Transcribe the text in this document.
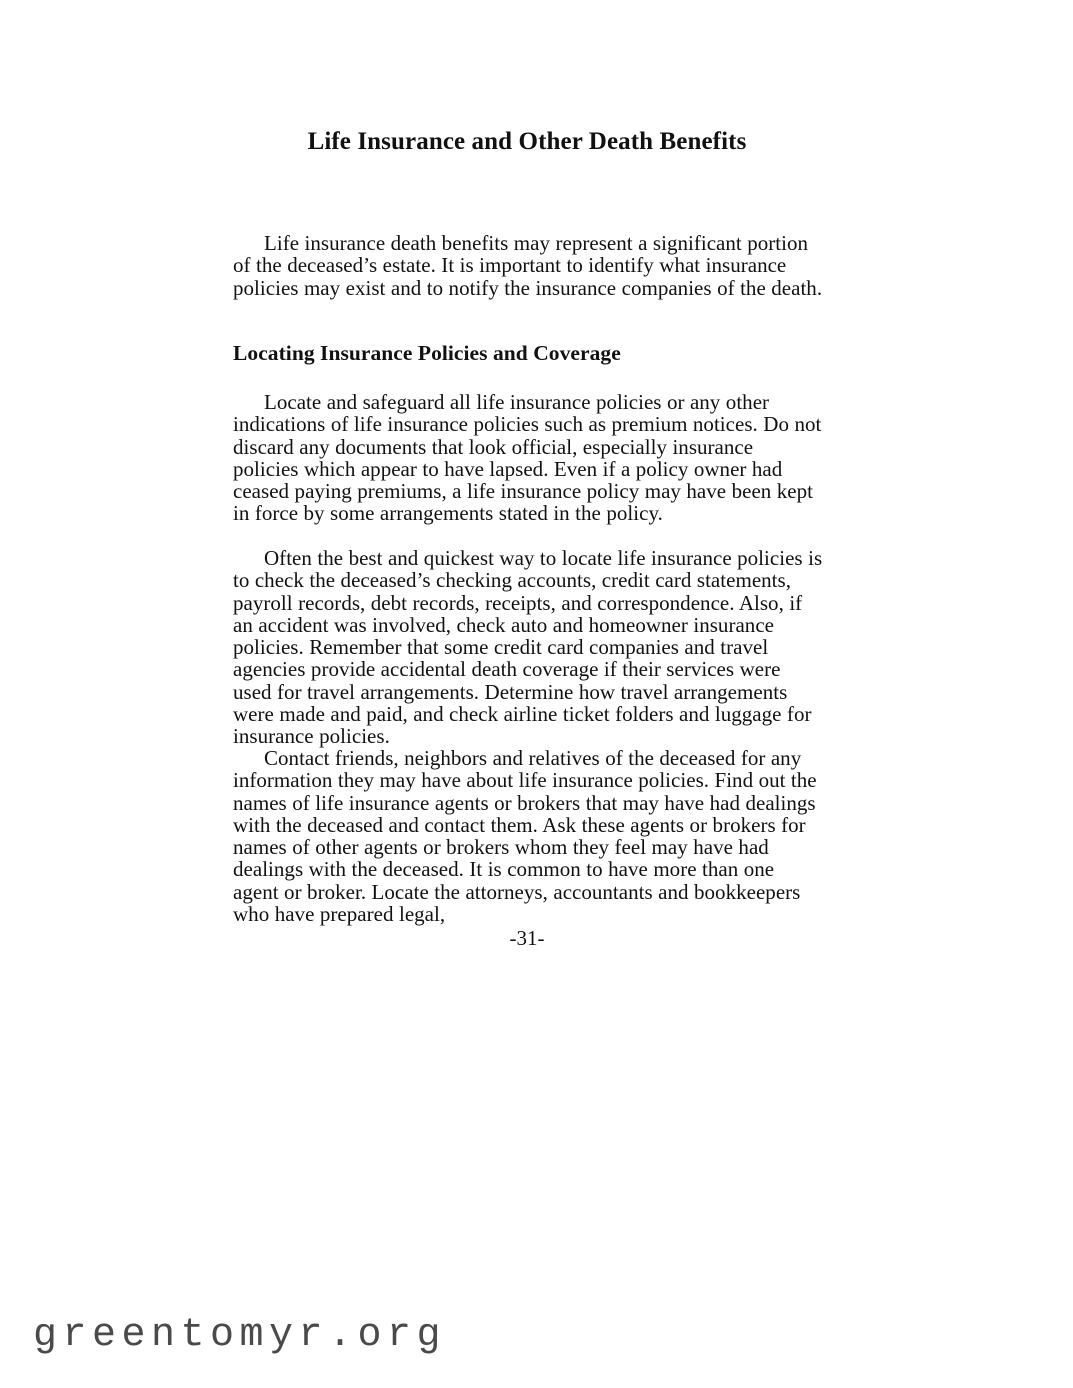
Life Insurance and Other Death Benefits

Life insurance death benefits may represent a significant portion of the deceased’s estate. It is important to identify what insurance policies may exist and to notify the insurance companies of the death.

Locating Insurance Policies and Coverage

Locate and safeguard all life insurance policies or any other indications of life insurance policies such as premium notices. Do not discard any documents that look official, especially insurance policies which appear to have lapsed. Even if a policy owner had ceased paying premiums, a life insurance policy may have been kept in force by some arrangements stated in the policy.

Often the best and quickest way to locate life insurance policies is to check the deceased’s checking accounts, credit card statements, payroll records, debt records, receipts, and correspondence. Also, if an accident was involved, check auto and homeowner insurance policies. Remember that some credit card companies and travel agencies provide accidental death coverage if their services were used for travel arrangements. Determine how travel arrangements were made and paid, and check airline ticket folders and luggage for insurance policies.

Contact friends, neighbors and relatives of the deceased for any information they may have about life insurance policies. Find out the names of life insurance agents or brokers that may have had dealings with the deceased and contact them. Ask these agents or brokers for names of other agents or brokers whom they feel may have had dealings with the deceased. It is common to have more than one agent or broker. Locate the attorneys, accountants and bookkeepers who have prepared legal,

-31-
greentomyr.org
